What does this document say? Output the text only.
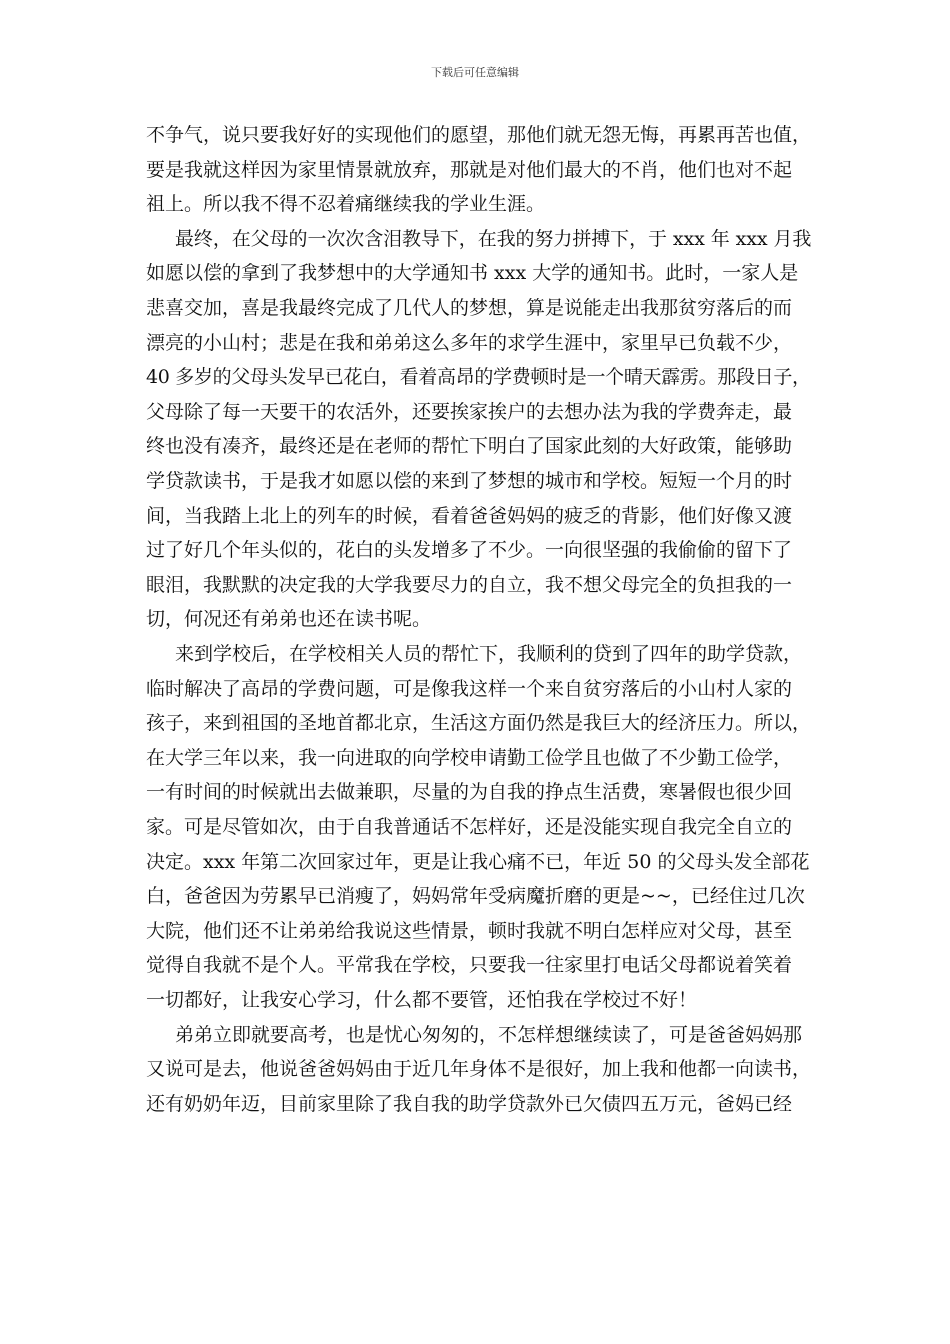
下载后可任意编辑
不争气，说只要我好好的实现他们的愿望，那他们就无怨无悔，再累再苦也值，
要是我就这样因为家里情景就放弃，那就是对他们最大的不肖，他们也对不起
祖上。所以我不得不忍着痛继续我的学业生涯。
最终，在父母的一次次含泪教导下，在我的努力拼搏下，于 xxx 年 xxx 月我
如愿以偿的拿到了我梦想中的大学通知书 xxx 大学的通知书。此时，一家人是
悲喜交加，喜是我最终完成了几代人的梦想，算是说能走出我那贫穷落后的而
漂亮的小山村；悲是在我和弟弟这么多年的求学生涯中，家里早已负载不少，
40 多岁的父母头发早已花白，看着高昂的学费顿时是一个晴天霹雳。那段日子，
父母除了每一天要干的农活外，还要挨家挨户的去想办法为我的学费奔走，最
终也没有凑齐，最终还是在老师的帮忙下明白了国家此刻的大好政策，能够助
学贷款读书，于是我才如愿以偿的来到了梦想的城市和学校。短短一个月的时
间，当我踏上北上的列车的时候，看着爸爸妈妈的疲乏的背影，他们好像又渡
过了好几个年头似的，花白的头发增多了不少。一向很坚强的我偷偷的留下了
眼泪，我默默的决定我的大学我要尽力的自立，我不想父母完全的负担我的一
切，何况还有弟弟也还在读书呢。
来到学校后，在学校相关人员的帮忙下，我顺利的贷到了四年的助学贷款，
临时解决了高昂的学费问题，可是像我这样一个来自贫穷落后的小山村人家的
孩子，来到祖国的圣地首都北京，生活这方面仍然是我巨大的经济压力。所以，
在大学三年以来，我一向进取的向学校申请勤工俭学且也做了不少勤工俭学，
一有时间的时候就出去做兼职，尽量的为自我的挣点生活费，寒暑假也很少回
家。可是尽管如次，由于自我普通话不怎样好，还是没能实现自我完全自立的
决定。xxx 年第二次回家过年，更是让我心痛不已，年近 50 的父母头发全部花
白，爸爸因为劳累早已消瘦了，妈妈常年受病魔折磨的更是~~，已经住过几次
大院，他们还不让弟弟给我说这些情景，顿时我就不明白怎样应对父母，甚至
觉得自我就不是个人。平常我在学校，只要我一往家里打电话父母都说着笑着
一切都好，让我安心学习，什么都不要管，还怕我在学校过不好！
弟弟立即就要高考，也是忧心匆匆的，不怎样想继续读了，可是爸爸妈妈那
又说可是去，他说爸爸妈妈由于近几年身体不是很好，加上我和他都一向读书，
还有奶奶年迈，目前家里除了我自我的助学贷款外已欠债四五万元，爸妈已经
